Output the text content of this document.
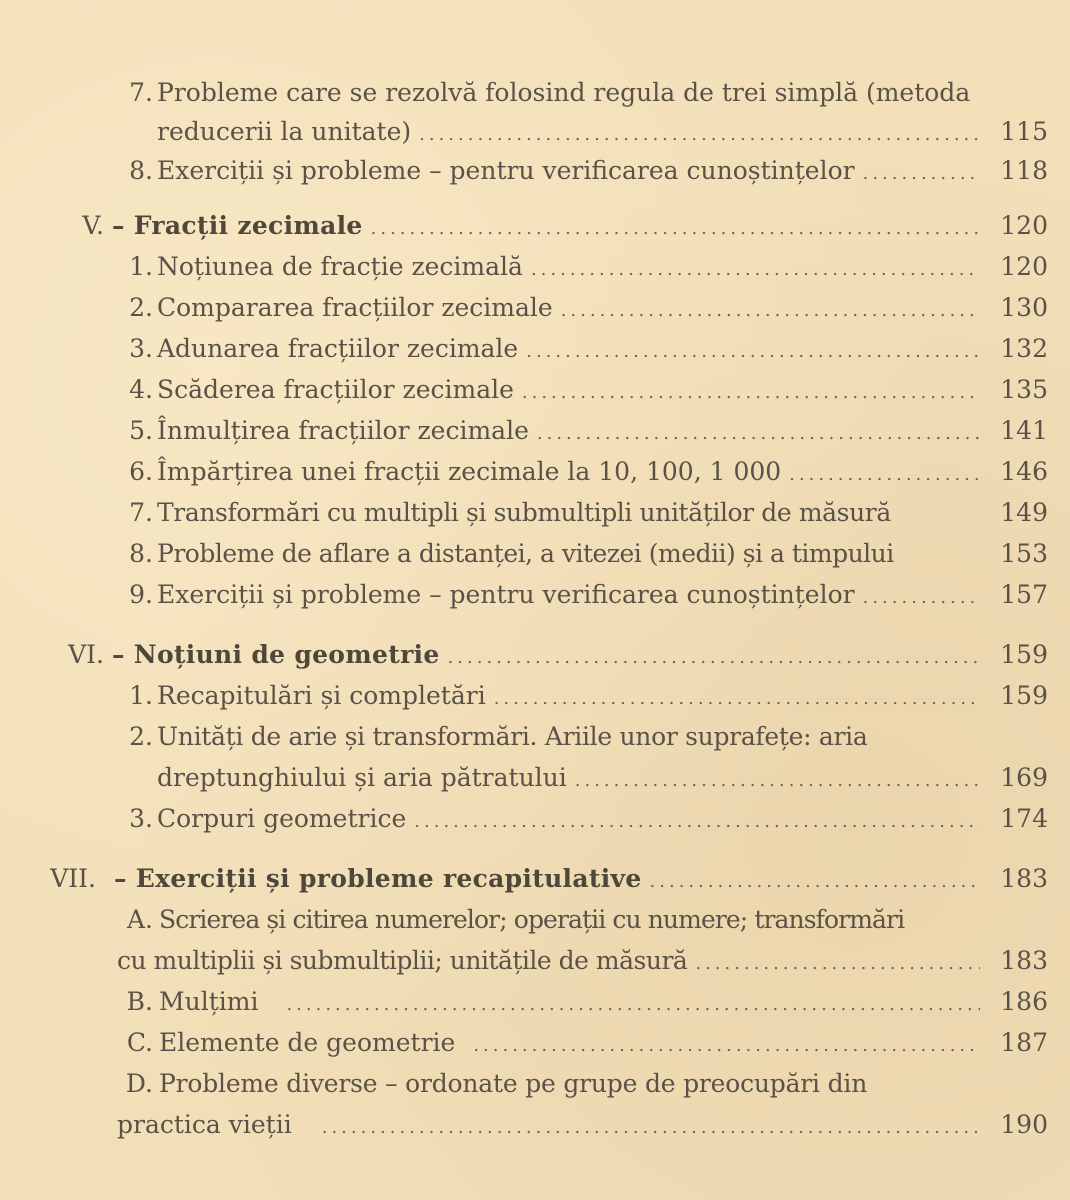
7. Probleme care se rezolvă folosind regula de trei simplă (metoda
reducerii la unitate) .....	115
8. Exerciții și probleme – pentru verificarea cunoștințelor .....	118
V. – Fracții zecimale .....	120
1. Noțiunea de fracție zecimală .....	120
2. Compararea fracțiilor zecimale .....	130
3. Adunarea fracțiilor zecimale .....	132
4. Scăderea fracțiilor zecimale .....	135
5. Înmulțirea fracțiilor zecimale .....	141
6. Împărțirea unei fracții zecimale la 10, 100, 1 000 .....	146
7. Transformări cu multipli și submultipli unităților de măsură	149
8. Probleme de aflare a distanței, a vitezei (medii) și a timpului	153
9. Exerciții și probleme – pentru verificarea cunoștințelor .....	157
VI. – Noțiuni de geometrie .....	159
1. Recapitulări și completări .....	159
2. Unități de arie și transformări. Ariile unor suprafețe: aria
dreptunghiului și aria pătratului .....	169
3. Corpuri geometrice .....	174
VII. – Exerciții și probleme recapitulative .....	183
A. Scrierea și citirea numerelor; operații cu numere; transformări
cu multiplii și submultiplii; unitățile de măsură .....	183
B. Mulțimi .....	186
C. Elemente de geometrie .....	187
D. Probleme diverse – ordonate pe grupe de preocupări din
practica vieții .....	190
